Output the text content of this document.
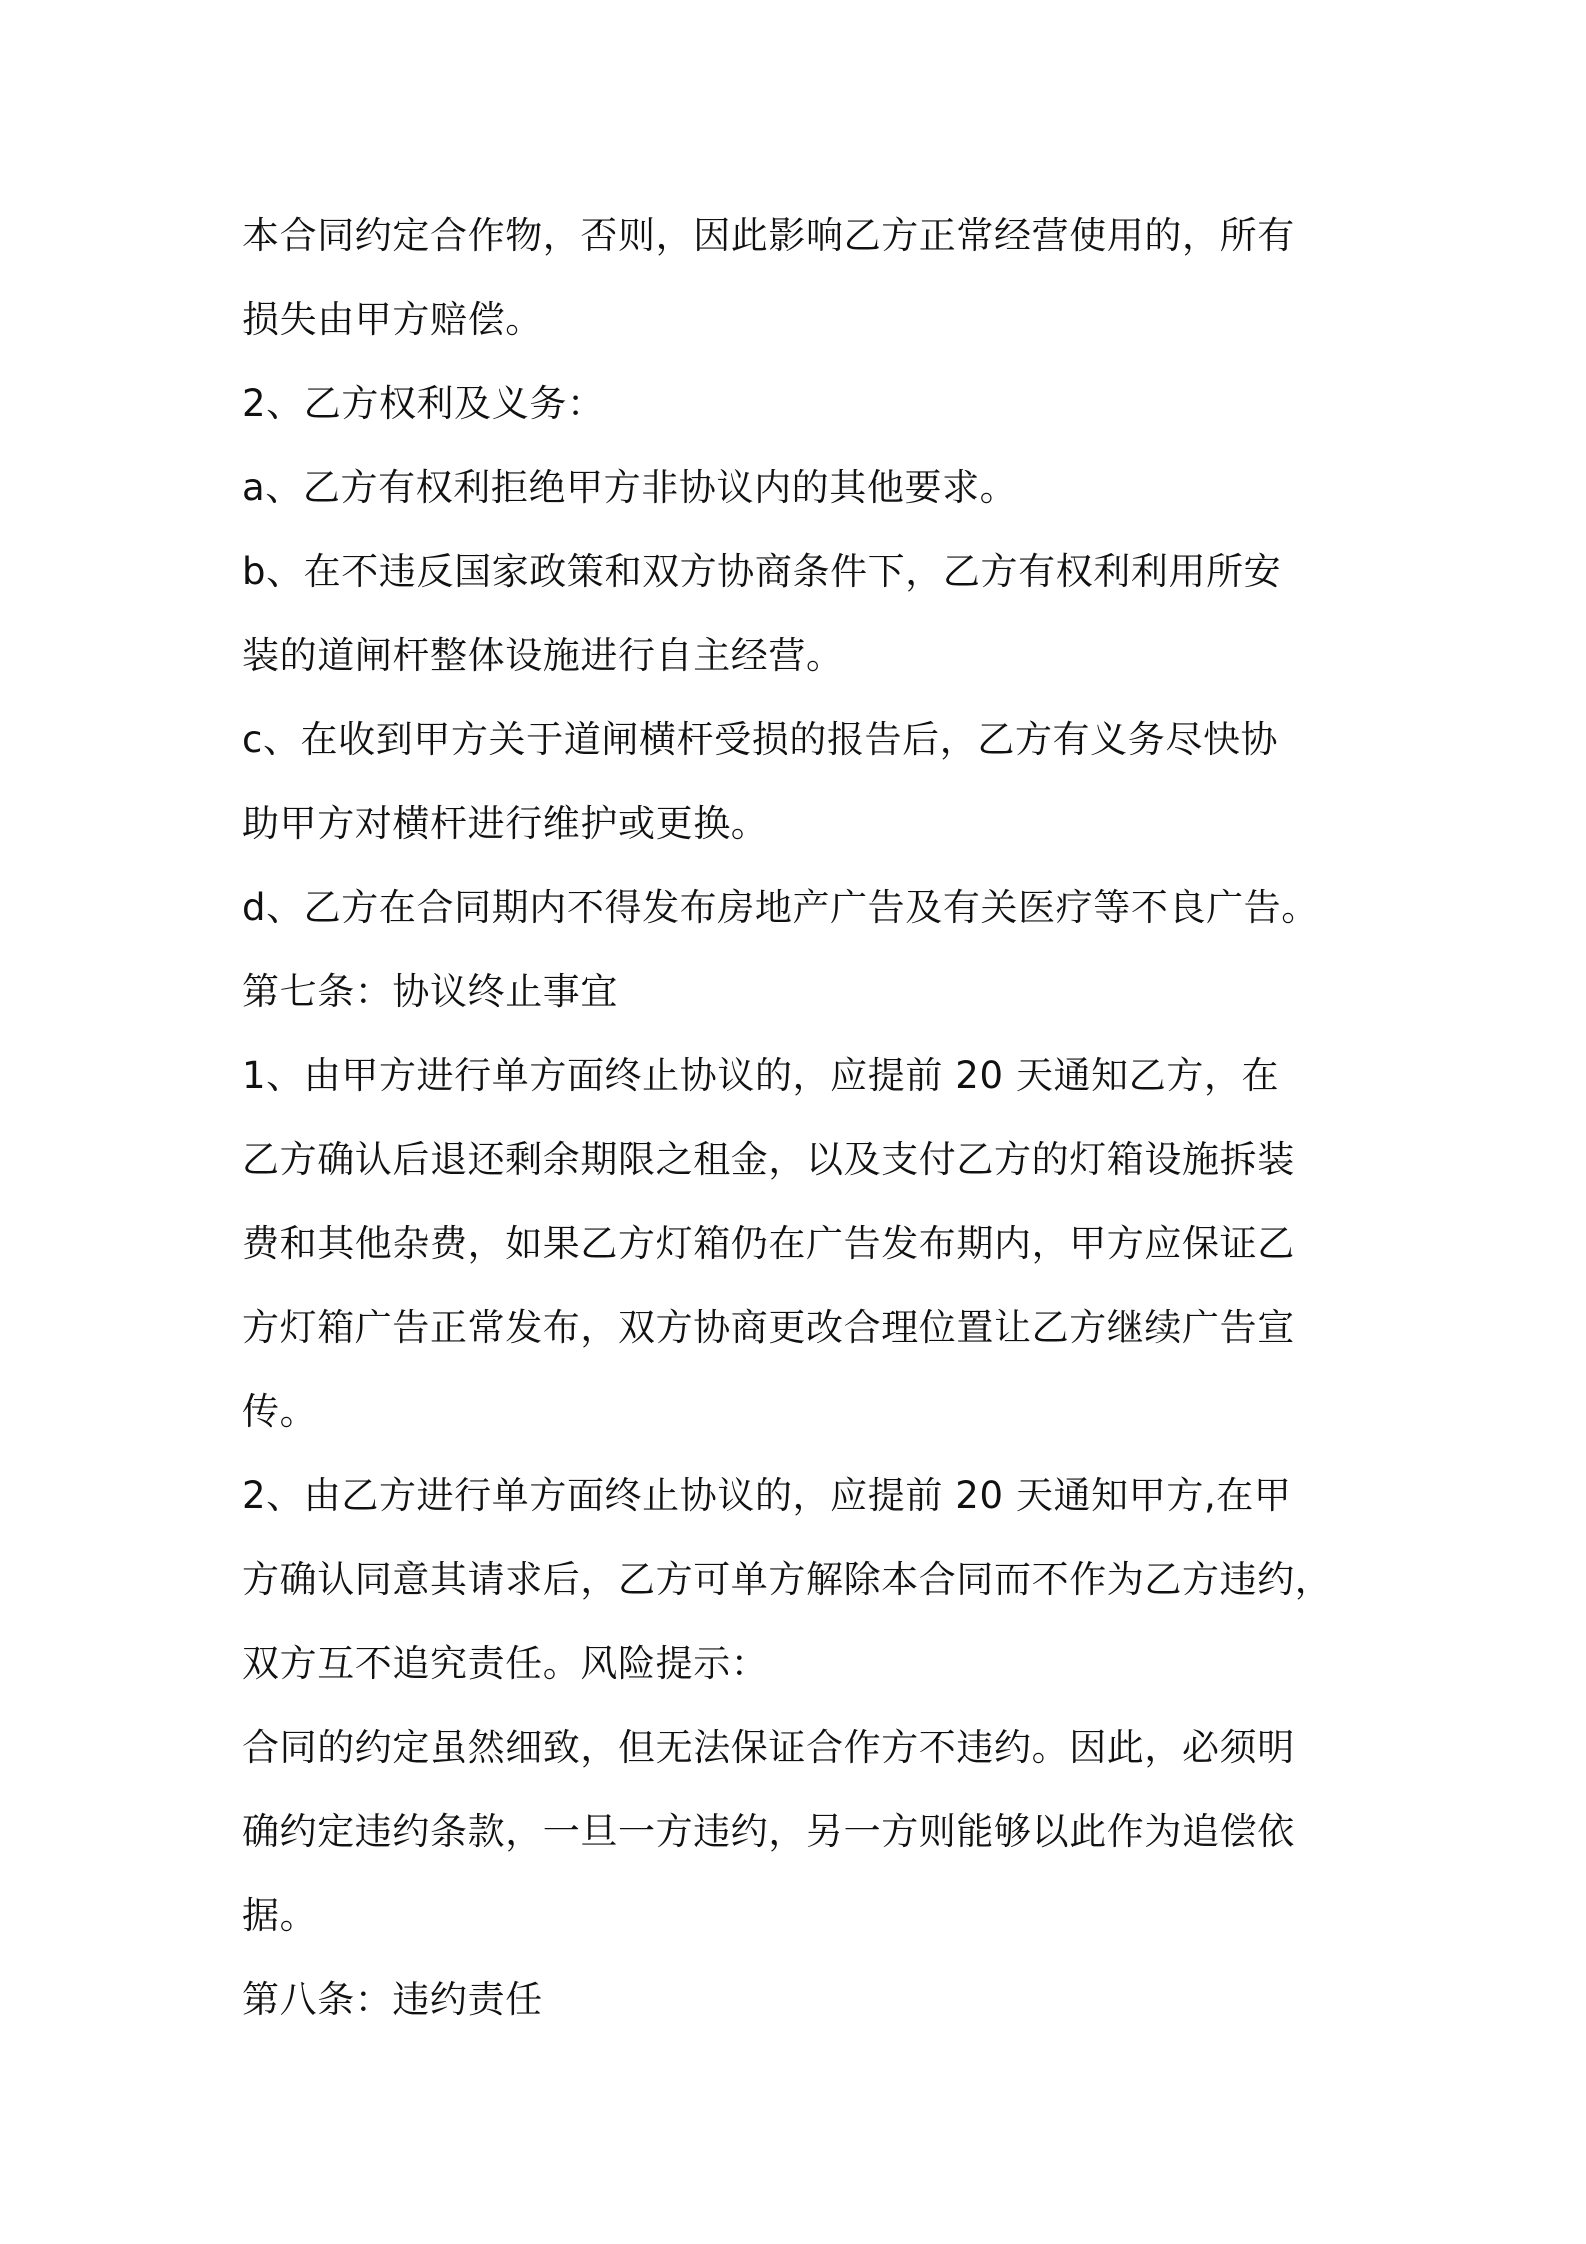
本合同约定合作物，否则，因此影响乙方正常经营使用的，所有
损失由甲方赔偿。
2、乙方权利及义务：
a、乙方有权利拒绝甲方非协议内的其他要求。
b、在不违反国家政策和双方协商条件下，乙方有权利利用所安
装的道闸杆整体设施进行自主经营。
c、在收到甲方关于道闸横杆受损的报告后，乙方有义务尽快协
助甲方对横杆进行维护或更换。
d、乙方在合同期内不得发布房地产广告及有关医疗等不良广告。
第七条：协议终止事宜
1、由甲方进行单方面终止协议的，应提前 20 天通知乙方，在
乙方确认后退还剩余期限之租金，以及支付乙方的灯箱设施拆装
费和其他杂费，如果乙方灯箱仍在广告发布期内，甲方应保证乙
方灯箱广告正常发布，双方协商更改合理位置让乙方继续广告宣
传。
2、由乙方进行单方面终止协议的，应提前 20 天通知甲方,在甲
方确认同意其请求后，乙方可单方解除本合同而不作为乙方违约，
双方互不追究责任。风险提示：
合同的约定虽然细致，但无法保证合作方不违约。因此，必须明
确约定违约条款，一旦一方违约，另一方则能够以此作为追偿依
据。
第八条：违约责任
